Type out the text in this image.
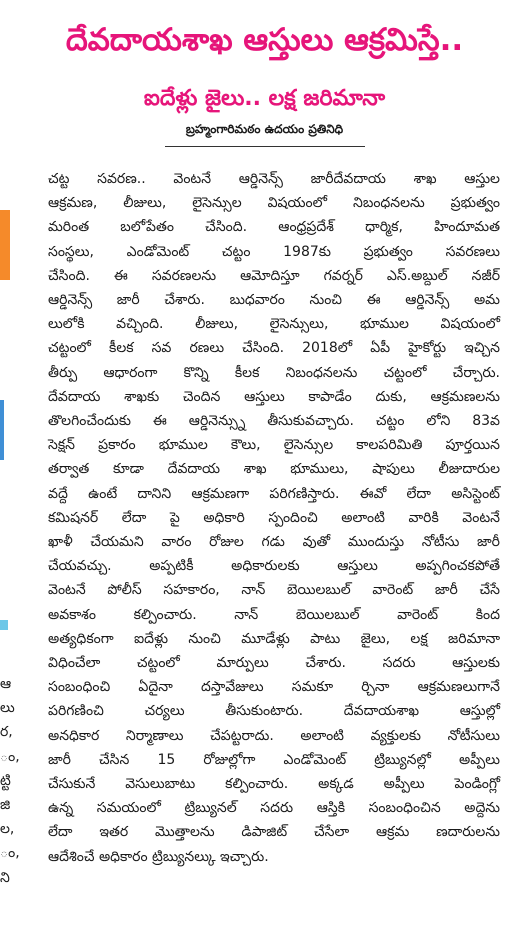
ఆ
లు
ర,
ం,
ట్టి
జి
ల,
ం,
ని
దేవదాయశాఖ ఆస్తులు ఆక్రమిస్తే..
ఐదేళ్లు జైలు.. లక్ష జరిమానా
బ్రహ్మంగారిమఠం ఉదయం ప్రతినిధి
చట్ట సవరణ.. వెంటనే ఆర్డినెన్స్ జారీదేవదాయ శాఖ ఆస్తుల
ఆక్రమణ, లీజులు, లైసెన్సుల విషయంలో నిబంధనలను ప్రభుత్వం
మరింత బలోపేతం చేసింది. ఆంధ్రప్రదేశ్ ధార్మిక, హిందూమత
సంస్థలు, ఎండోమెంట్ చట్టం 1987కు ప్రభుత్వం సవరణలు
చేసింది. ఈ సవరణలను ఆమోదిస్తూ గవర్నర్ ఎస్.అబ్దుల్ నజీర్
ఆర్డినెన్స్ జారీ చేశారు. బుధవారం నుంచి ఈ ఆర్డినెన్స్ అమ
లులోకి వచ్చింది. లీజులు, లైసెన్సులు, భూముల విషయంలో
చట్టంలో కీలక సవ రణలు చేసింది. 2018లో ఏపీ హైకోర్టు ఇచ్చిన
తీర్పు ఆధారంగా కొన్ని కీలక నిబంధనలను చట్టంలో చేర్చారు.
దేవదాయ శాఖకు చెందిన ఆస్తులు కాపాడేం దుకు, ఆక్రమణలను
తొలగించేందుకు ఈ ఆర్డినెన్స్ను తీసుకువచ్చారు. చట్టం లోని 83వ
సెక్షన్ ప్రకారం భూముల కౌలు, లైసెన్సుల కాలపరిమితి పూర్తయిన
తర్వాత కూడా దేవదాయ శాఖ భూములు, షాపులు లీజుదారుల
వద్దే ఉంటే దానిని ఆక్రమణగా పరిగణిస్తారు. ఈవో లేదా అసిస్టెంట్
కమిషనర్ లేదా పై అధికారి స్పందించి అలాంటి వారికి వెంటనే
ఖాళీ చేయమని వారం రోజుల గడు వుతో ముందుస్తు నోటీసు జారీ
చేయవచ్చు. అప్పటికీ అధికారులకు ఆస్తులు అప్పగించకపోతే
వెంటనే పోలీస్ సహకారం, నాన్ బెయిలబుల్ వారెంట్ జారీ చేసే
అవకాశం కల్పించారు. నాన్ బెయిలబుల్ వారెంట్ కింద
అత్యధికంగా ఐదేళ్లు నుంచి మూడేళ్లు పాటు జైలు, లక్ష జరిమానా
విధించేలా చట్టంలో మార్పులు చేశారు. సదరు ఆస్తులకు
సంబంధించి ఏదైనా దస్తావేజులు సమకూ ర్చినా ఆక్రమణలుగానే
పరిగణించి చర్యలు తీసుకుంటారు. దేవదాయశాఖ ఆస్తుల్లో
అనధికార నిర్మాణాలు చేపట్టరాదు. అలాంటి వ్యక్తులకు నోటీసులు
జారీ చేసిన 15 రోజుల్లోగా ఎండోమెంట్ ట్రిబ్యునల్లో అప్పీలు
చేసుకునే వెసులుబాటు కల్పించారు. అక్కడ అప్పీలు పెండింగ్లో
ఉన్న సమయంలో ట్రిబ్యునల్ సదరు ఆస్తికి సంబంధించిన అద్దెను
లేదా ఇతర మొత్తాలను డిపాజిట్ చేసేలా ఆక్రమ ణదారులను
ఆదేశించే అధికారం ట్రిబ్యునల్కు ఇచ్చారు.
